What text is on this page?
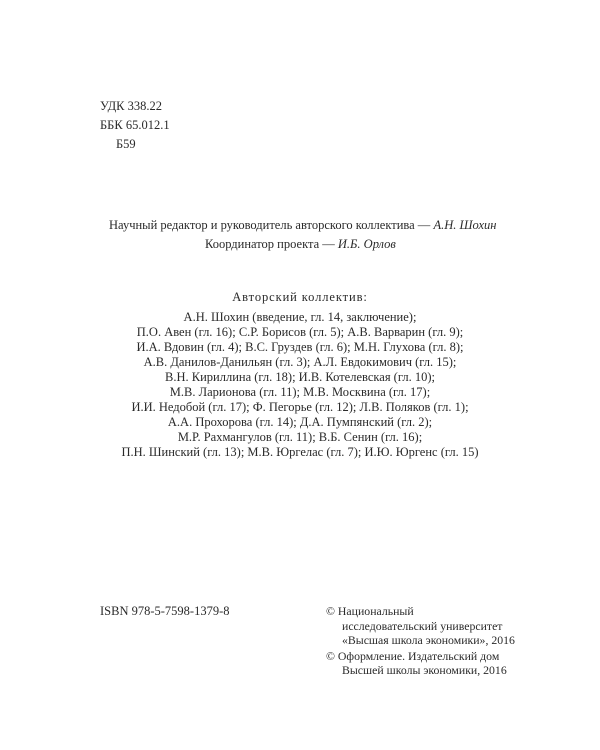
УДК 338.22
ББК 65.012.1
Б59
Научный редактор и руководитель авторского коллектива — А.Н. Шохин
Координатор проекта — И.Б. Орлов
Авторский коллектив:
А.Н. Шохин (введение, гл. 14, заключение);
П.О. Авен (гл. 16); С.Р. Борисов (гл. 5); А.В. Варварин (гл. 9);
И.А. Вдовин (гл. 4); В.С. Груздев (гл. 6); М.Н. Глухова (гл. 8);
А.В. Данилов-Данильян (гл. 3); А.Л. Евдокимович (гл. 15);
В.Н. Кириллина (гл. 18); И.В. Котелевская (гл. 10);
М.В. Ларионова (гл. 11); М.В. Москвина (гл. 17);
И.И. Недобой (гл. 17); Ф. Пегорье (гл. 12); Л.В. Поляков (гл. 1);
А.А. Прохорова (гл. 14); Д.А. Пумпянский (гл. 2);
М.Р. Рахмангулов (гл. 11); В.Б. Сенин (гл. 16);
П.Н. Шинский (гл. 13); М.В. Юргелас (гл. 7); И.Ю. Юргенс (гл. 15)
ISBN 978-5-7598-1379-8	© Национальный
исследовательский университет
«Высшая школа экономики», 2016
© Оформление. Издательский дом
Высшей школы экономики, 2016
